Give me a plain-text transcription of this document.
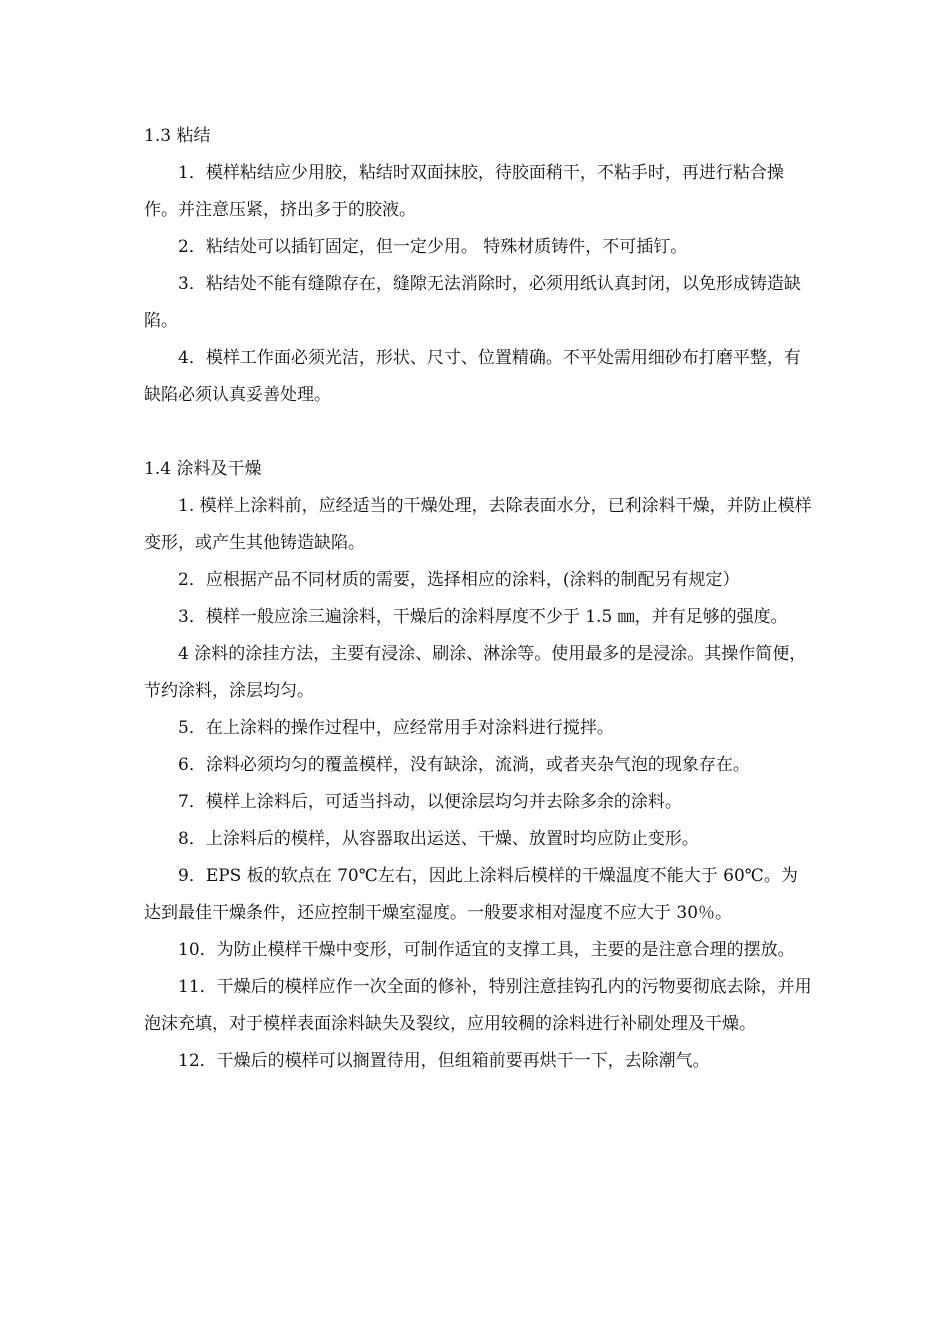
1.3 粘结

1．模样粘结应少用胶，粘结时双面抹胶，待胶面稍干，不粘手时，再进行粘合操作。并注意压紧，挤出多于的胶液。

2．粘结处可以插钉固定，但一定少用。 特殊材质铸件，不可插钉。

3．粘结处不能有缝隙存在，缝隙无法消除时，必须用纸认真封闭，以免形成铸造缺陷。

4．模样工作面必须光洁，形状、尺寸、位置精确。不平处需用细砂布打磨平整，有缺陷必须认真妥善处理。

1.4 涂料及干燥

1. 模样上涂料前，应经适当的干燥处理，去除表面水分，已利涂料干燥，并防止模样变形，或产生其他铸造缺陷。

2．应根据产品不同材质的需要，选择相应的涂料，(涂料的制配另有规定）

3．模样一般应涂三遍涂料，干燥后的涂料厚度不少于 1.5 ㎜，并有足够的强度。

4 涂料的涂挂方法，主要有浸涂、刷涂、淋涂等。使用最多的是浸涂。其操作简便，节约涂料，涂层均匀。

5．在上涂料的操作过程中，应经常用手对涂料进行搅拌。

6．涂料必须均匀的覆盖模样，没有缺涂，流淌，或者夹杂气泡的现象存在。

7．模样上涂料后，可适当抖动，以便涂层均匀并去除多余的涂料。

8．上涂料后的模样，从容器取出运送、干燥、放置时均应防止变形。

9．EPS 板的软点在 70℃左右，因此上涂料后模样的干燥温度不能大于 60℃。为达到最佳干燥条件，还应控制干燥室湿度。一般要求相对湿度不应大于 30％。

10．为防止模样干燥中变形，可制作适宜的支撑工具，主要的是注意合理的摆放。

11．干燥后的模样应作一次全面的修补，特别注意挂钩孔内的污物要彻底去除，并用泡沫充填，对于模样表面涂料缺失及裂纹，应用较稠的涂料进行补刷处理及干燥。

12．干燥后的模样可以搁置待用，但组箱前要再烘干一下，去除潮气。
